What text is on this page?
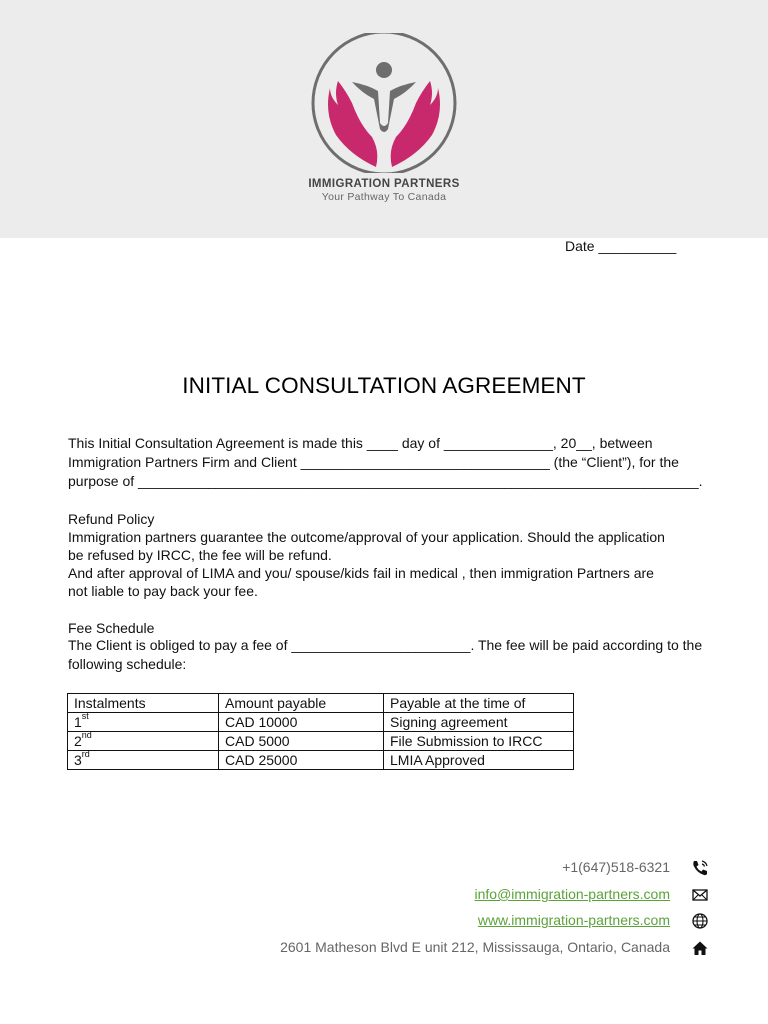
IMMIGRATION PARTNERS
Your Pathway To Canada
Date __________
INITIAL CONSULTATION AGREEMENT
This Initial Consultation Agreement is made this ____ day of ______________, 20__, between
Immigration Partners Firm and Client ________________________________ (the “Client”), for the
purpose of ________________________________________________________________________.
Refund Policy
Immigration partners guarantee the outcome/approval of your application. Should the application
be refused by IRCC, the fee will be refund.
And after approval of LIMA and you/ spouse/kids fail in medical , then immigration Partners are
not liable to pay back your fee.
Fee Schedule
The Client is obliged to pay a fee of _______________________. The fee will be paid according to the
following schedule:
Instalments	Amount payable	Payable at the time of
1st	CAD 10000	Signing agreement
2nd	CAD 5000	File Submission to IRCC
3rd	CAD 25000	LMIA Approved
+1(647)518-6321
info@immigration-partners.com
www.immigration-partners.com
2601 Matheson Blvd E unit 212, Mississauga, Ontario, Canada
